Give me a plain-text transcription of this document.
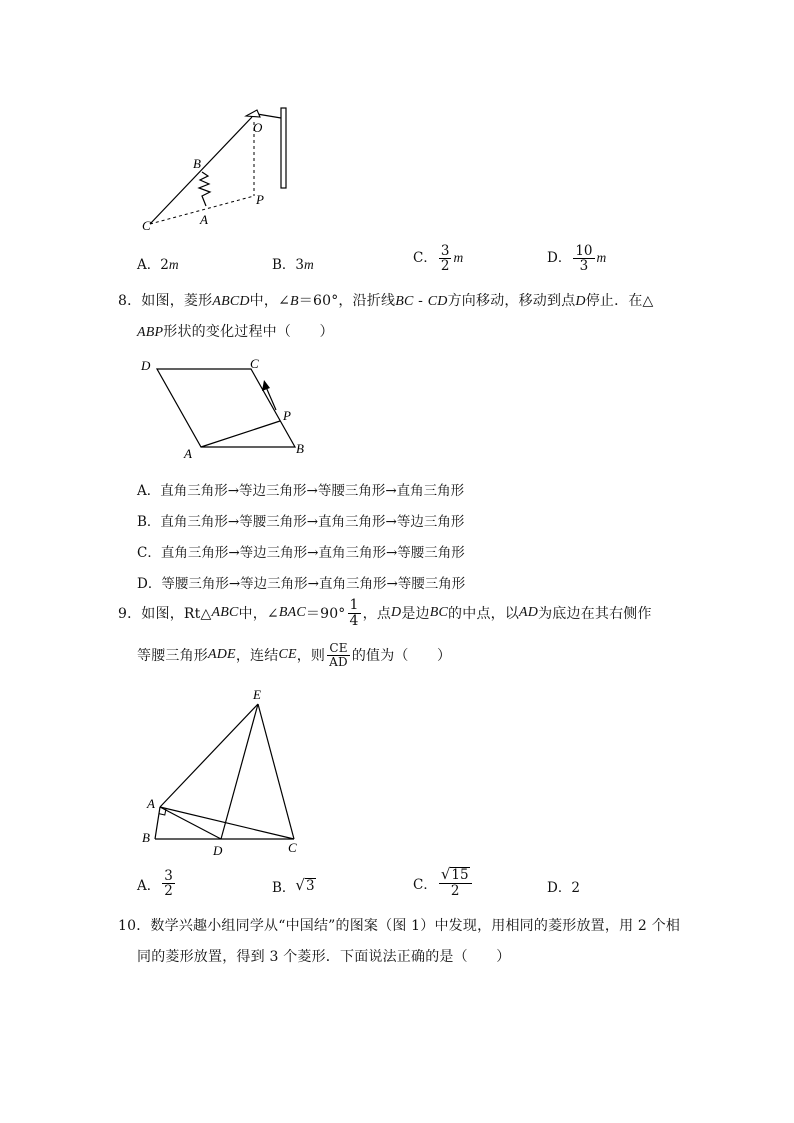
O
B
P
C	A
A．2m	B．3m	C． $\frac{3}{2}$ m	D． $\frac{10}{3}$ m
8．如图，菱形ABCD中，∠B＝60°，沿折线BC - CD方向移动，移动到点D停止．在△
ABP形状的变化过程中（　　）
D	C
P
A	B
A．直角三角形→等边三角形→等腰三角形→直角三角形
B．直角三角形→等腰三角形→直角三角形→等边三角形
C．直角三角形→等边三角形→直角三角形→等腰三角形
D．等腰三角形→等边三角形→直角三角形→等腰三角形
9．如图，Rt△ ABC 中，∠ BAC $=90^\circ \frac{1}{4}$ ，点 D 是边 BC 的中点，以 AD 为底边在其右侧作
等腰三角形 ADE ，连结 CE ，则 $\frac{CE}{AD}$ 的值为（　　）
E
A
B
D	C
A． $\frac{3}{2}$	B． √ 3	C． $\frac{√ 15}{2}$	D．2
10．数学兴趣小组同学从“中国结”的图案（图 1）中发现，用相同的菱形放置，用 2 个相
同的菱形放置，得到 3 个菱形．下面说法正确的是（　　）
